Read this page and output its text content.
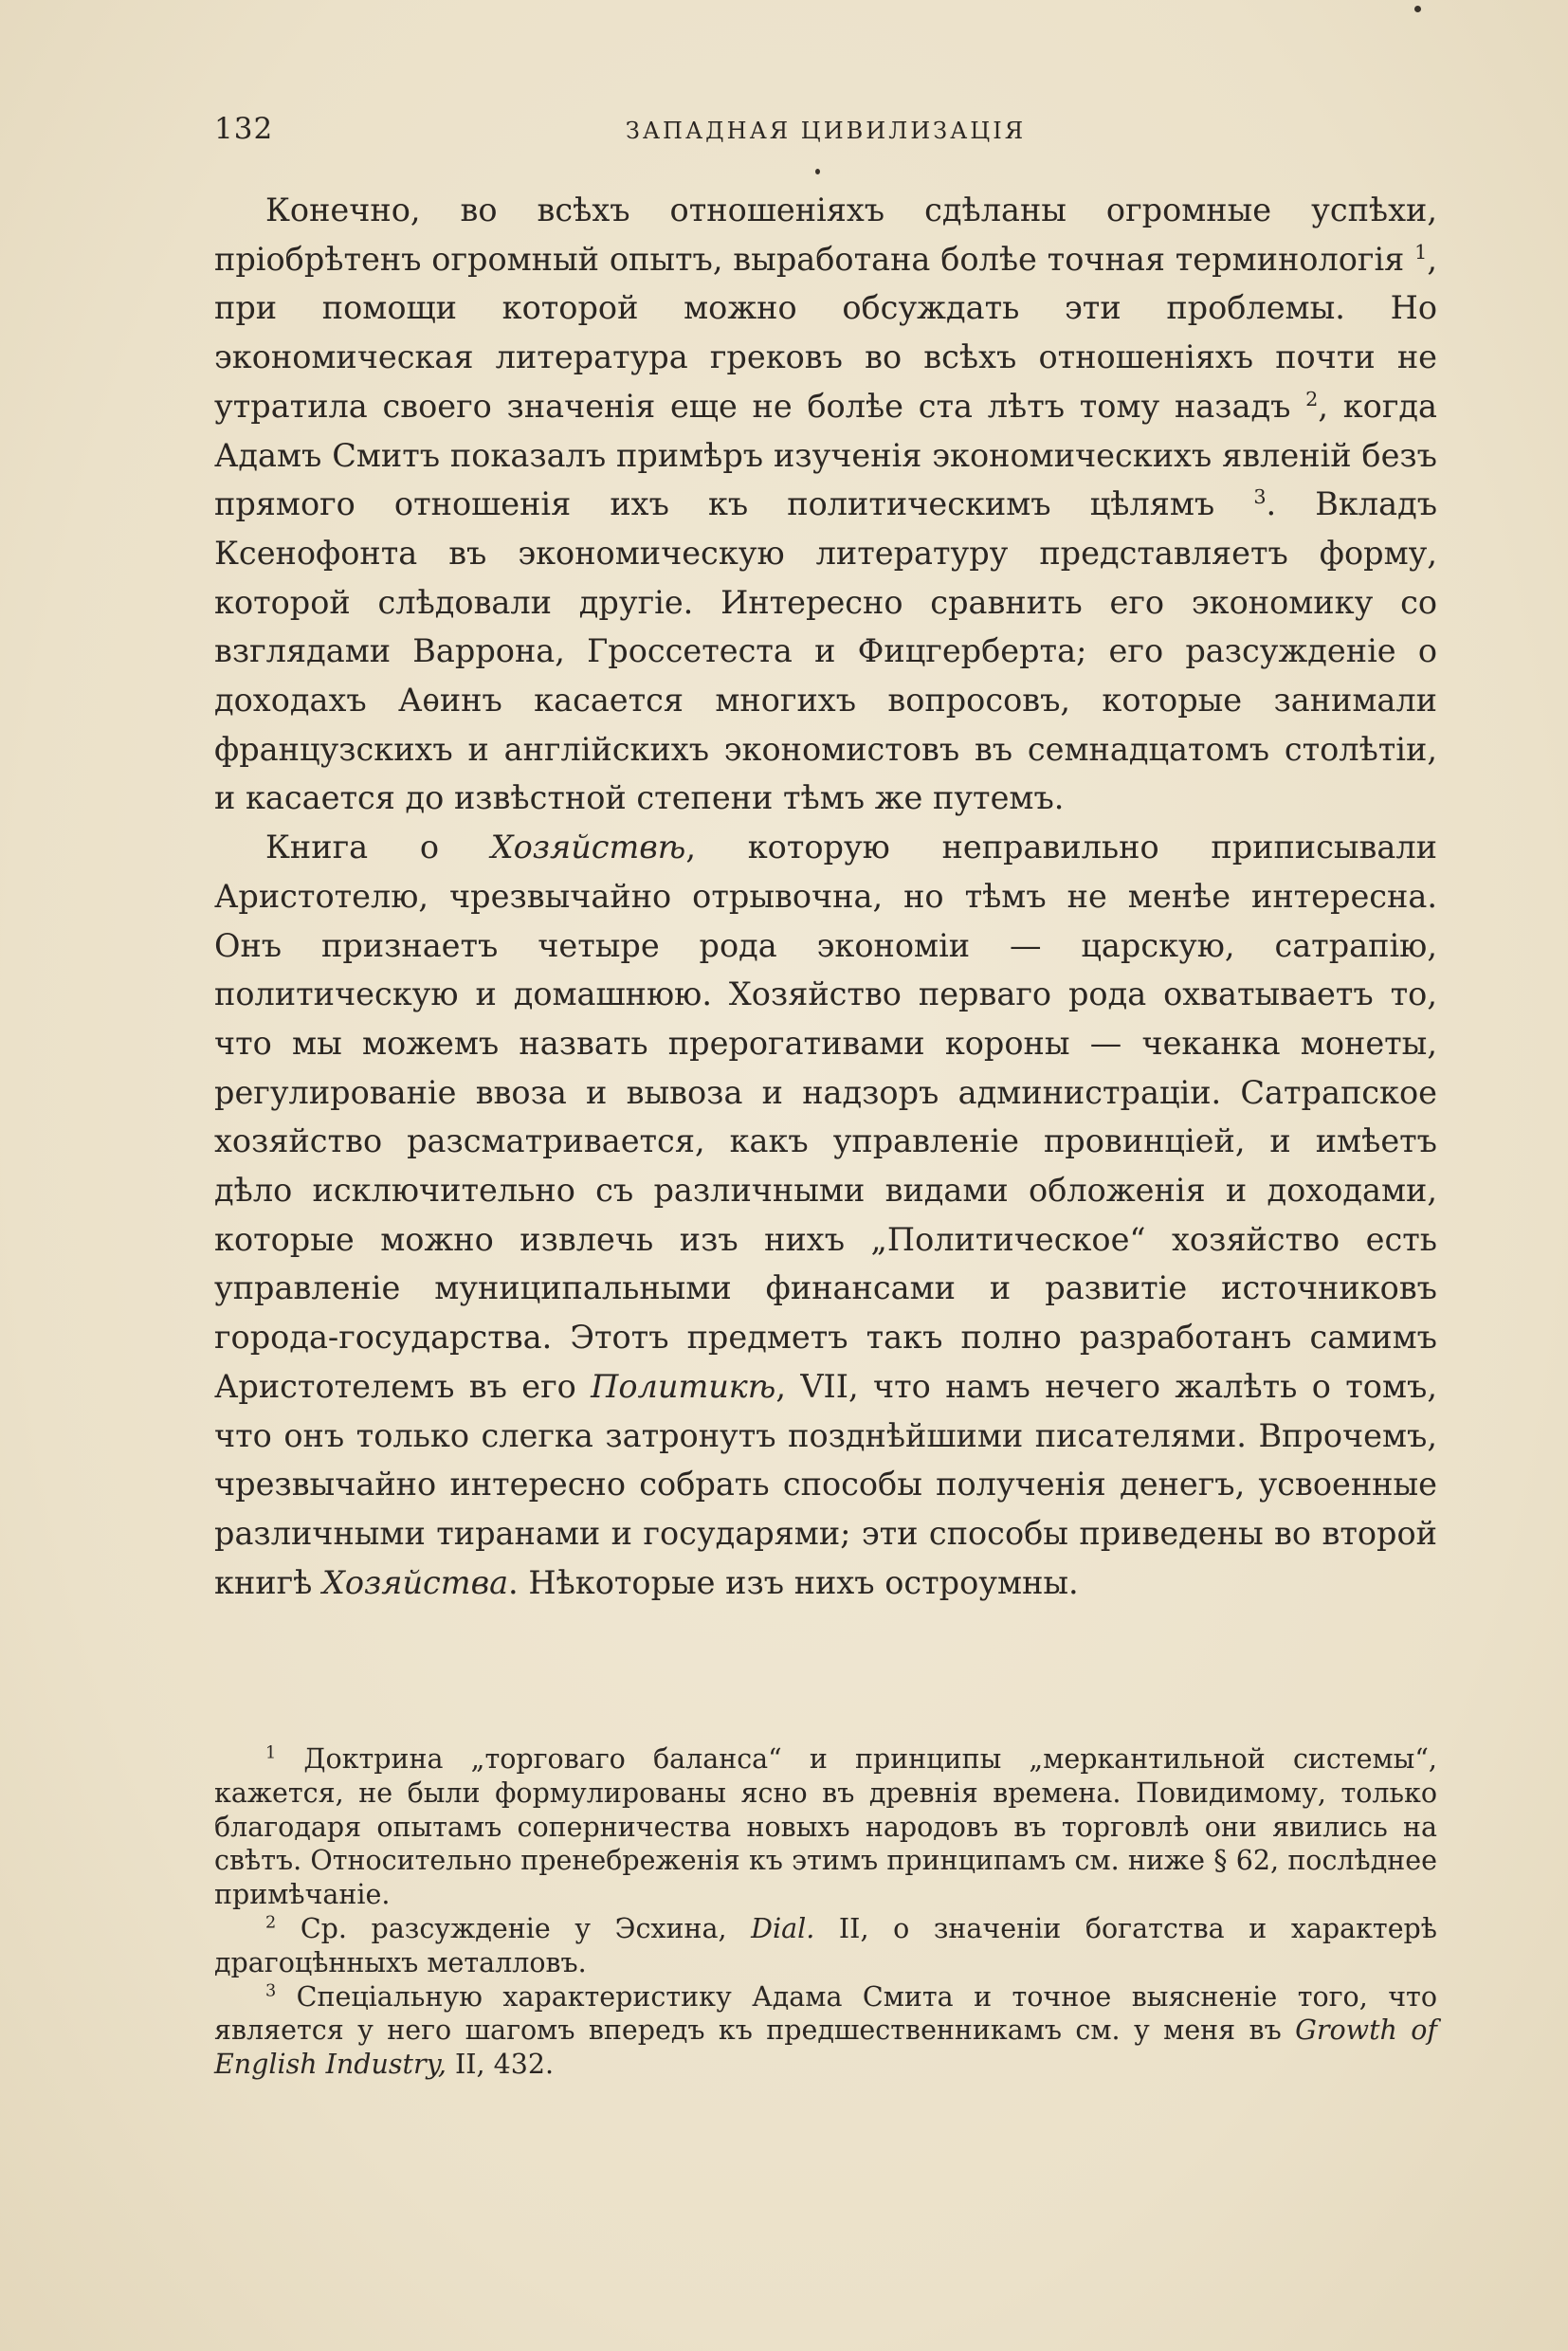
132	ЗАПАДНАЯ ЦИВИЛИЗАЦІЯ

Конечно, во всѣхъ отношеніяхъ сдѣланы огромные успѣхи, пріобрѣтенъ огромный опытъ, выработана болѣе точная терминологія $^1$, при помощи которой можно обсуждать эти проблемы. Но экономическая литература грековъ во всѣхъ отношеніяхъ почти не утратила своего значенія еще не болѣе ста лѣтъ тому назадъ $^2$, когда Адамъ Смитъ показалъ примѣръ изученія экономическихъ явленій безъ прямого отношенія ихъ къ политическимъ цѣлямъ $^3$. Вкладъ Ксенофонта въ экономическую литературу представляетъ форму, которой слѣдовали другіе. Интересно сравнить его экономику со взглядами Варрона, Гроссетеста и Фицгерберта; его разсужденіе о доходахъ Аѳинъ касается многихъ вопросовъ, которые занимали французскихъ и англійскихъ экономистовъ въ семнадцатомъ столѣтіи, и касается до извѣстной степени тѣмъ же путемъ.

Книга о Хозяйствѣ, которую неправильно приписывали Аристотелю, чрезвычайно отрывочна, но тѣмъ не менѣе интересна. Онъ признаетъ четыре рода экономіи — царскую, сатрапію, политическую и домашнюю. Хозяйство перваго рода охватываетъ то, что мы можемъ назвать прерогативами короны — чеканка монеты, регулированіе ввоза и вывоза и надзоръ администраціи. Сатрапское хозяйство разсматривается, какъ управленіе провинціей, и имѣетъ дѣло исключительно съ различными видами обложенія и доходами, которые можно извлечь изъ нихъ „Политическое“ хозяйство есть управленіе муниципальными финансами и развитіе источниковъ города-государства. Этотъ предметъ такъ полно разработанъ самимъ Аристотелемъ въ его Политикѣ, VII, что намъ нечего жалѣть о томъ, что онъ только слегка затронутъ позднѣйшими писателями. Впрочемъ, чрезвычайно интересно собрать способы полученія денегъ, усвоенные различными тиранами и государями; эти способы приведены во второй книгѣ Хозяйства. Нѣкоторые изъ нихъ остроумны.

$^1$ Доктрина „торговаго баланса“ и принципы „меркантильной системы“, кажется, не были формулированы ясно въ древнія времена. Повидимому, только благодаря опытамъ соперничества новыхъ народовъ въ торговлѣ они явились на свѣтъ. Относительно пренебреженія къ этимъ принципамъ см. ниже § 62, послѣднее примѣчаніе.

$^2$ Ср. разсужденіе у Эсхина, Dial. II, о значеніи богатства и характерѣ драгоцѣнныхъ металловъ.

$^3$ Спеціальную характеристику Адама Смита и точное выясненіе того, что является у него шагомъ впередъ къ предшественникамъ см. у меня въ Growth of English Industry, II, 432.
